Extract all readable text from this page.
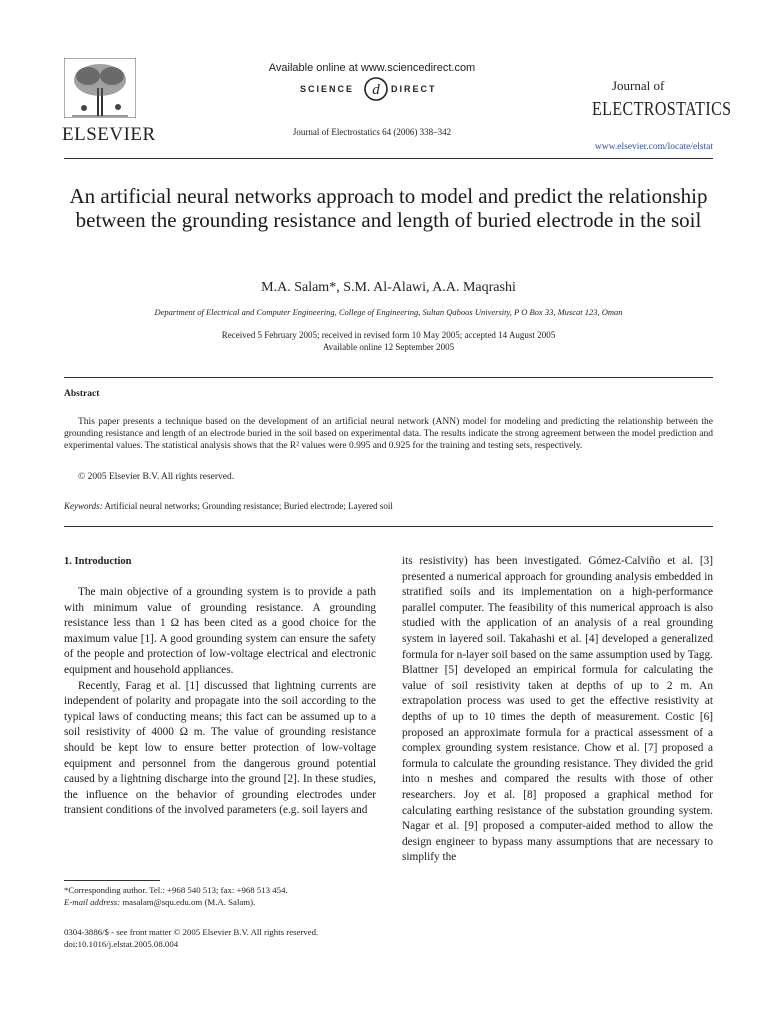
ELSEVIER
Available online at www.sciencedirect.com
SCIENCE d DIRECT
Journal of Electrostatics 64 (2006) 338–342
Journal of
ELECTROSTATICS
www.elsevier.com/locate/elstat
An artificial neural networks approach to model and predict the relationship between the grounding resistance and length of buried electrode in the soil
M.A. Salam*, S.M. Al-Alawi, A.A. Maqrashi
Department of Electrical and Computer Engineering, College of Engineering, Sultan Qaboos University, P O Box 33, Muscat 123, Oman
Received 5 February 2005; received in revised form 10 May 2005; accepted 14 August 2005
Available online 12 September 2005
Abstract
This paper presents a technique based on the development of an artificial neural network (ANN) model for modeling and predicting the relationship between the grounding resistance and length of an electrode buried in the soil based on experimental data. The results indicate the strong agreement between the model prediction and experimental values. The statistical analysis shows that the R² values were 0.995 and 0.925 for the training and testing sets, respectively.
© 2005 Elsevier B.V. All rights reserved.
Keywords: Artificial neural networks; Grounding resistance; Buried electrode; Layered soil
1. Introduction

The main objective of a grounding system is to provide a path with minimum value of grounding resistance. A grounding resistance less than 1 Ω has been cited as a good choice for the maximum value [1]. A good grounding system can ensure the safety of the people and protection of low-voltage electrical and electronic equipment and household appliances.

Recently, Farag et al. [1] discussed that lightning currents are independent of polarity and propagate into the soil according to the typical laws of conducting means; this fact can be assumed up to a soil resistivity of 4000 Ω m. The value of grounding resistance should be kept low to ensure better protection of low-voltage equipment and personnel from the dangerous ground potential caused by a lightning discharge into the ground [2]. In these studies, the influence on the behavior of grounding electrodes under transient conditions of the involved parameters (e.g. soil layers and

its resistivity) has been investigated. Gómez-Calviño et al. [3] presented a numerical approach for grounding analysis embedded in stratified soils and its implementation on a high-performance parallel computer. The feasibility of this numerical approach is also studied with the application of an analysis of a real grounding system in layered soil. Takahashi et al. [4] developed a generalized formula for n-layer soil based on the same assumption used by Tagg. Blattner [5] developed an empirical formula for calculating the value of soil resistivity taken at depths of up to 2 m. An extrapolation process was used to get the effective resistivity at depths of up to 10 times the depth of measurement. Costic [6] proposed an approximate formula for a practical assessment of a complex grounding system resistance. Chow et al. [7] proposed a formula to calculate the grounding resistance. They divided the grid into n meshes and compared the results with those of other researchers. Joy et al. [8] proposed a graphical method for calculating earthing resistance of the substation grounding system. Nagar et al. [9] proposed a computer-aided method to allow the design engineer to bypass many assumptions that are necessary to simplify the

*Corresponding author. Tel.: +968 540 513; fax: +968 513 454.
E-mail address: masalam@squ.edu.om (M.A. Salam).
0304-3886/$ - see front matter © 2005 Elsevier B.V. All rights reserved.
doi:10.1016/j.elstat.2005.08.004
